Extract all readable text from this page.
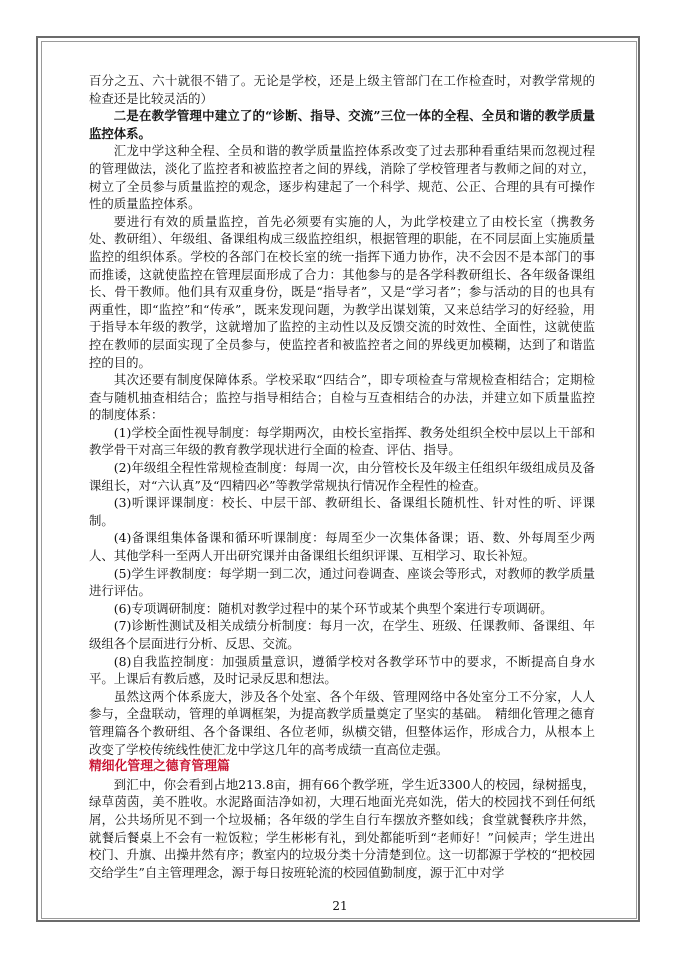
百分之五、六十就很不错了。无论是学校，还是上级主管部门在工作检查时，对教学常规的检查还是比较灵活的）

二是在教学管理中建立了的“诊断、指导、交流”三位一体的全程、全员和谐的教学质量监控体系。

汇龙中学这种全程、全员和谐的教学质量监控体系改变了过去那种看重结果而忽视过程的管理做法，淡化了监控者和被监控者之间的界线，消除了学校管理者与教师之间的对立，树立了全员参与质量监控的观念，逐步构建起了一个科学、规范、公正、合理的具有可操作性的质量监控体系。

要进行有效的质量监控，首先必须要有实施的人，为此学校建立了由校长室（携教务处、教研组）、年级组、备课组构成三级监控组织，根据管理的职能，在不同层面上实施质量监控的组织体系。学校的各部门在校长室的统一指挥下通力协作，决不会因不是本部门的事而推诿，这就使监控在管理层面形成了合力：其他参与的是各学科教研组长、各年级备课组长、骨干教师。他们具有双重身份，既是“指导者”，又是“学习者”；参与活动的目的也具有两重性，即“监控”和“传承”，既来发现问题，为教学出谋划策，又来总结学习的好经验，用于指导本年级的教学，这就增加了监控的主动性以及反馈交流的时效性、全面性，这就使监控在教师的层面实现了全员参与，使监控者和被监控者之间的界线更加模糊，达到了和谐监控的目的。

其次还要有制度保障体系。学校采取“四结合”，即专项检查与常规检查相结合；定期检查与随机抽查相结合；监控与指导相结合；自检与互查相结合的办法，并建立如下质量监控的制度体系：

(1)学校全面性视导制度：每学期两次，由校长室指挥、教务处组织全校中层以上干部和教学骨干对高三年级的教育教学现状进行全面的检查、评估、指导。

(2)年级组全程性常规检查制度：每周一次，由分管校长及年级主任组织年级组成员及备课组长，对“六认真”及“四精四必”等教学常规执行情况作全程性的检查。

(3)听课评课制度：校长、中层干部、教研组长、备课组长随机性、针对性的听、评课制。

(4)备课组集体备课和循环听课制度：每周至少一次集体备课；语、数、外每周至少两人、其他学科一至两人开出研究课并由备课组长组织评课、互相学习、取长补短。

(5)学生评教制度：每学期一到二次，通过问卷调查、座谈会等形式，对教师的教学质量进行评估。

(6)专项调研制度：随机对教学过程中的某个环节或某个典型个案进行专项调研。

(7)诊断性测试及相关成绩分析制度：每月一次，在学生、班级、任课教师、备课组、年级组各个层面进行分析、反思、交流。

(8)自我监控制度：加强质量意识，遵循学校对各教学环节中的要求，不断提高自身水平。上课后有教后感，及时记录反思和想法。

虽然这两个体系庞大，涉及各个处室、各个年级、管理网络中各处室分工不分家，人人参与，全盘联动，管理的单调框架，为提高教学质量奠定了坚实的基础。　精细化管理之德育管理篇各个教研组、各个备课组、各位老师，纵横交错，但整体运作，形成合力，从根本上改变了学校传统线性使汇龙中学这几年的高考成绩一直高位走强。

精细化管理之德育管理篇

到汇中，你会看到占地213.8亩，拥有66个教学班，学生近3300人的校园，绿树摇曳，绿草茵茵，美不胜收。水泥路面洁净如初，大理石地面光亮如洗，偌大的校园找不到任何纸屑，公共场所见不到一个垃圾桶；各年级的学生自行车摆放齐整如线；食堂就餐秩序井然，就餐后餐桌上不会有一粒饭粒；学生彬彬有礼，到处都能听到“老师好！”问候声；学生进出校门、升旗、出操井然有序；教室内的垃圾分类十分清楚到位。这一切都源于学校的“把校园交给学生”自主管理理念，源于每日按班轮流的校园值勤制度，源于汇中对学

21
